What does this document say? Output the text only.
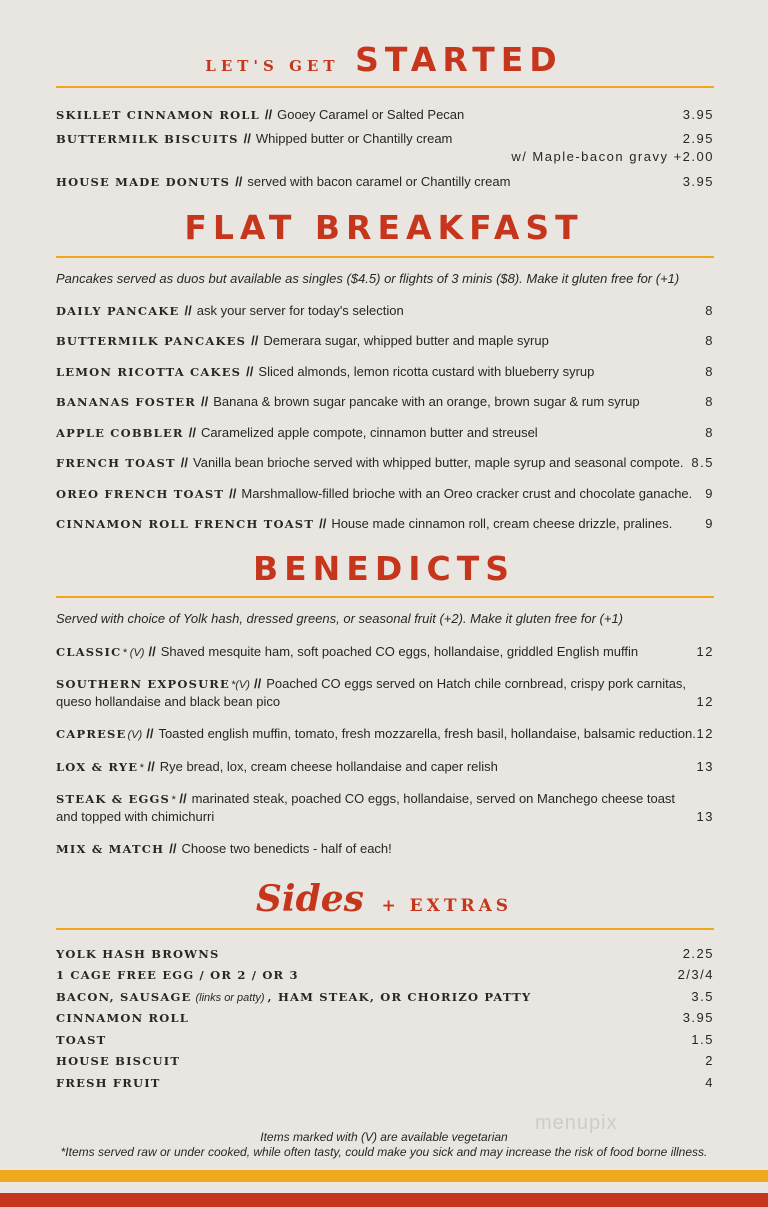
LET'S GET STARTED
SKILLET CINNAMON ROLL // Gooey Caramel or Salted Pecan .....	3.95
BUTTERMILK BISCUITS // Whipped butter or Chantilly cream .....	2.95
.....
w/ Maple-bacon gravy +2.00
HOUSE MADE DONUTS // served with bacon caramel or Chantilly cream .....	3.95
FLAT BREAKFAST
Pancakes served as duos but available as singles ($4.5) or flights of 3 minis ($8). Make it gluten free for (+1)
DAILY PANCAKE // ask your server for today's selection .....	8
BUTTERMILK PANCAKES // Demerara sugar, whipped butter and maple syrup .....	8
LEMON RICOTTA CAKES // Sliced almonds, lemon ricotta custard with blueberry syrup .....	8
BANANAS FOSTER // Banana & brown sugar pancake with an orange, brown sugar & rum syrup .....	8
APPLE COBBLER // Caramelized apple compote, cinnamon butter and streusel .....	8
FRENCH TOAST // Vanilla bean brioche served with whipped butter, maple syrup and seasonal compote. 8.5
OREO FRENCH TOAST // Marshmallow-filled brioche with an Oreo cracker crust and chocolate ganache. 9
CINNAMON ROLL FRENCH TOAST // House made cinnamon roll, cream cheese drizzle, pralines.	9
BENEDICTS
Served with choice of Yolk hash, dressed greens, or seasonal fruit (+2). Make it gluten free for (+1)
CLASSIC * (V) // Shaved mesquite ham, soft poached CO eggs, hollandaise, griddled English muffin .....	12
SOUTHERN EXPOSURE *(V) // Poached CO eggs served on Hatch chile cornbread, crispy pork carnitas,
queso hollandaise and black bean pico .....	12
CAPRESE (V) // Toasted english muffin, tomato, fresh mozzarella, fresh basil, hollandaise, balsamic reduction. 12
LOX & RYE * // Rye bread, lox, cream cheese hollandaise and caper relish .....	13
STEAK & EGGS * // marinated steak, poached CO eggs, hollandaise, served on Manchego cheese toast
and topped with chimichurri .....	13
MIX & MATCH // Choose two benedicts - half of each!
Sides + EXTRAS
YOLK HASH BROWNS .....	2.25
1 CAGE FREE EGG / OR 2 / OR 3 .....	2/3/4
BACON, SAUSAGE (links or patty) , HAM STEAK, OR CHORIZO PATTY .....	3.5
CINNAMON ROLL .....	3.95
TOAST .....	1.5
HOUSE BISCUIT .....	2
FRESH FRUIT .....	4
menupix
Items marked with (V) are available vegetarian
*Items served raw or under cooked, while often tasty, could make you sick and may increase the risk of food borne illness.
